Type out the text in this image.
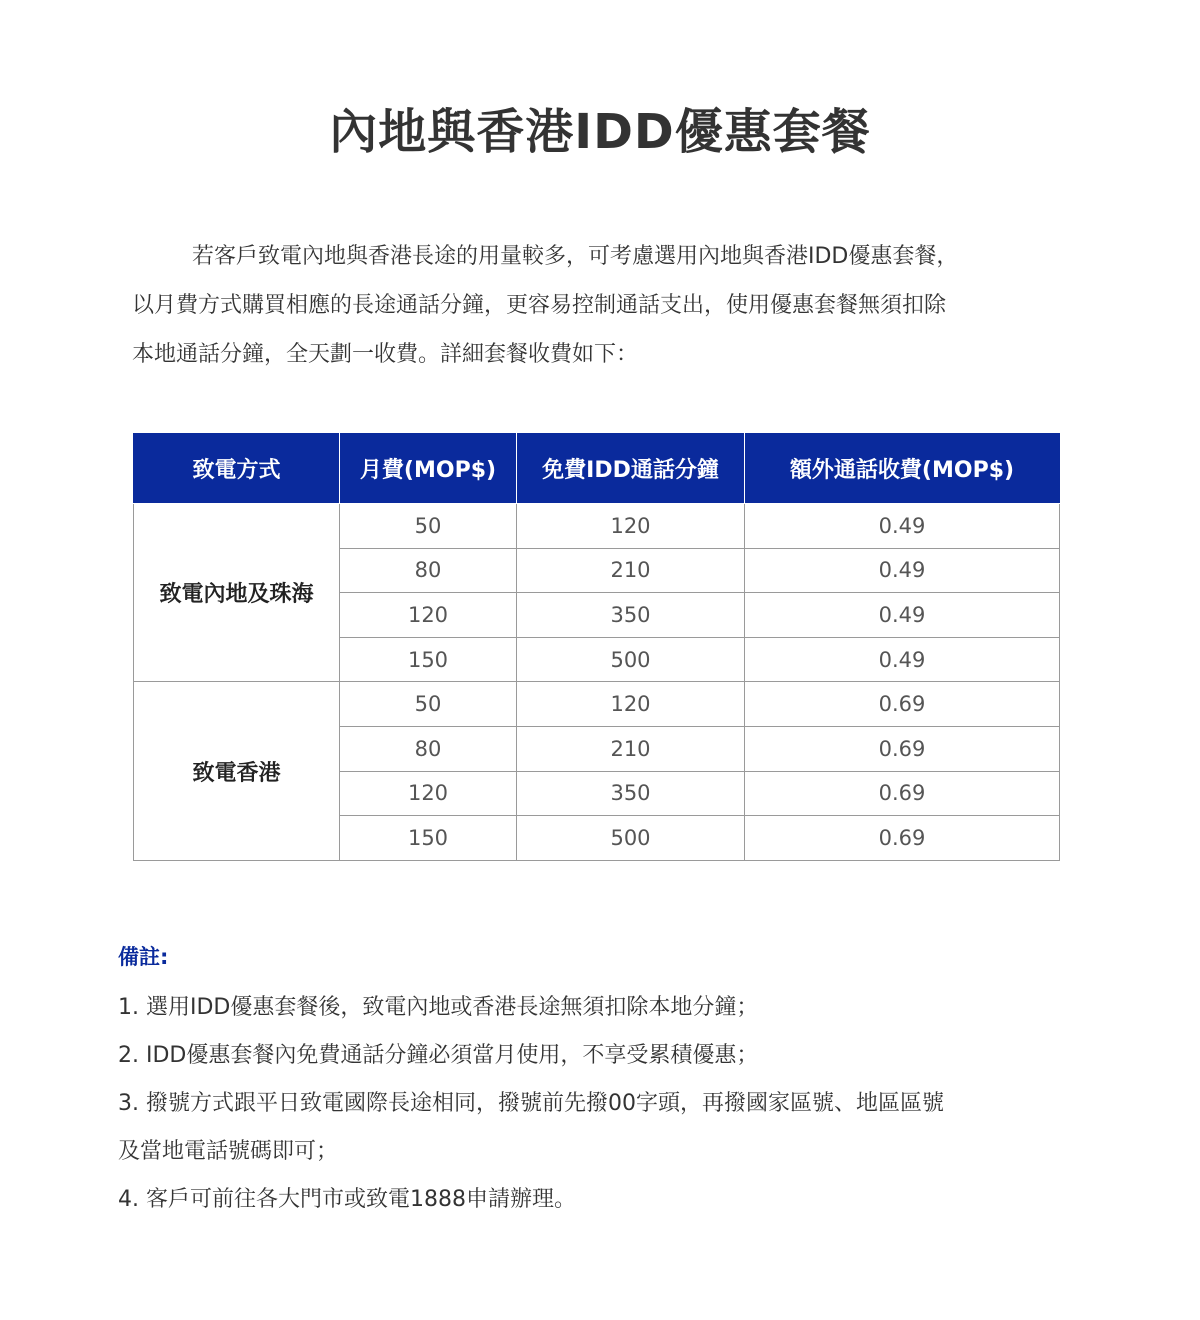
內地與香港IDD優惠套餐
若客戶致電內地與香港長途的用量較多，可考慮選用內地與香港IDD優惠套餐，
以月費方式購買相應的長途通話分鐘，更容易控制通話支出，使用優惠套餐無須扣除
本地通話分鐘，全天劃一收費。詳細套餐收費如下：
致電方式	月費(MOP$)	免費IDD通話分鐘	額外通話收費(MOP$)
致電內地及珠海	50	120	0.49
	80	210	0.49
	120	350	0.49
	150	500	0.49
致電香港	50	120	0.69
	80	210	0.69
	120	350	0.69
	150	500	0.69
備註:
1. 選用IDD優惠套餐後，致電內地或香港長途無須扣除本地分鐘；
2. IDD優惠套餐內免費通話分鐘必須當月使用，不享受累積優惠；
3. 撥號方式跟平日致電國際長途相同，撥號前先撥00字頭，再撥國家區號、地區區號
及當地電話號碼即可；
4. 客戶可前往各大門市或致電1888申請辦理。
